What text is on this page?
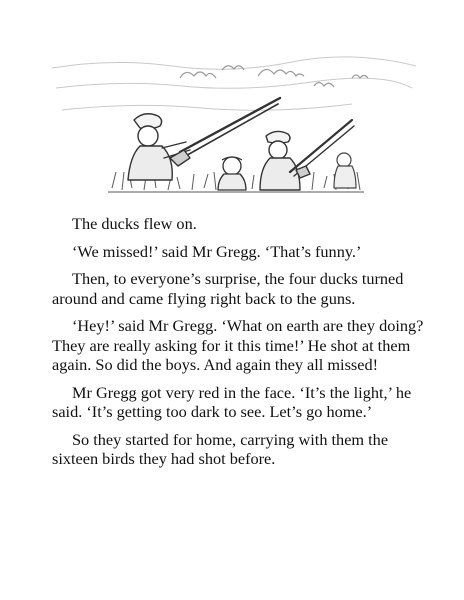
The ducks flew on.

‘We missed!’ said Mr Gregg. ‘That’s funny.’

Then, to everyone’s surprise, the four ducks turned around and came flying right back to the guns.

‘Hey!’ said Mr Gregg. ‘What on earth are they doing? They are really asking for it this time!’ He shot at them again. So did the boys. And again they all missed!

Mr Gregg got very red in the face. ‘It’s the light,’ he said. ‘It’s getting too dark to see. Let’s go home.’

So they started for home, carrying with them the sixteen birds they had shot before.
